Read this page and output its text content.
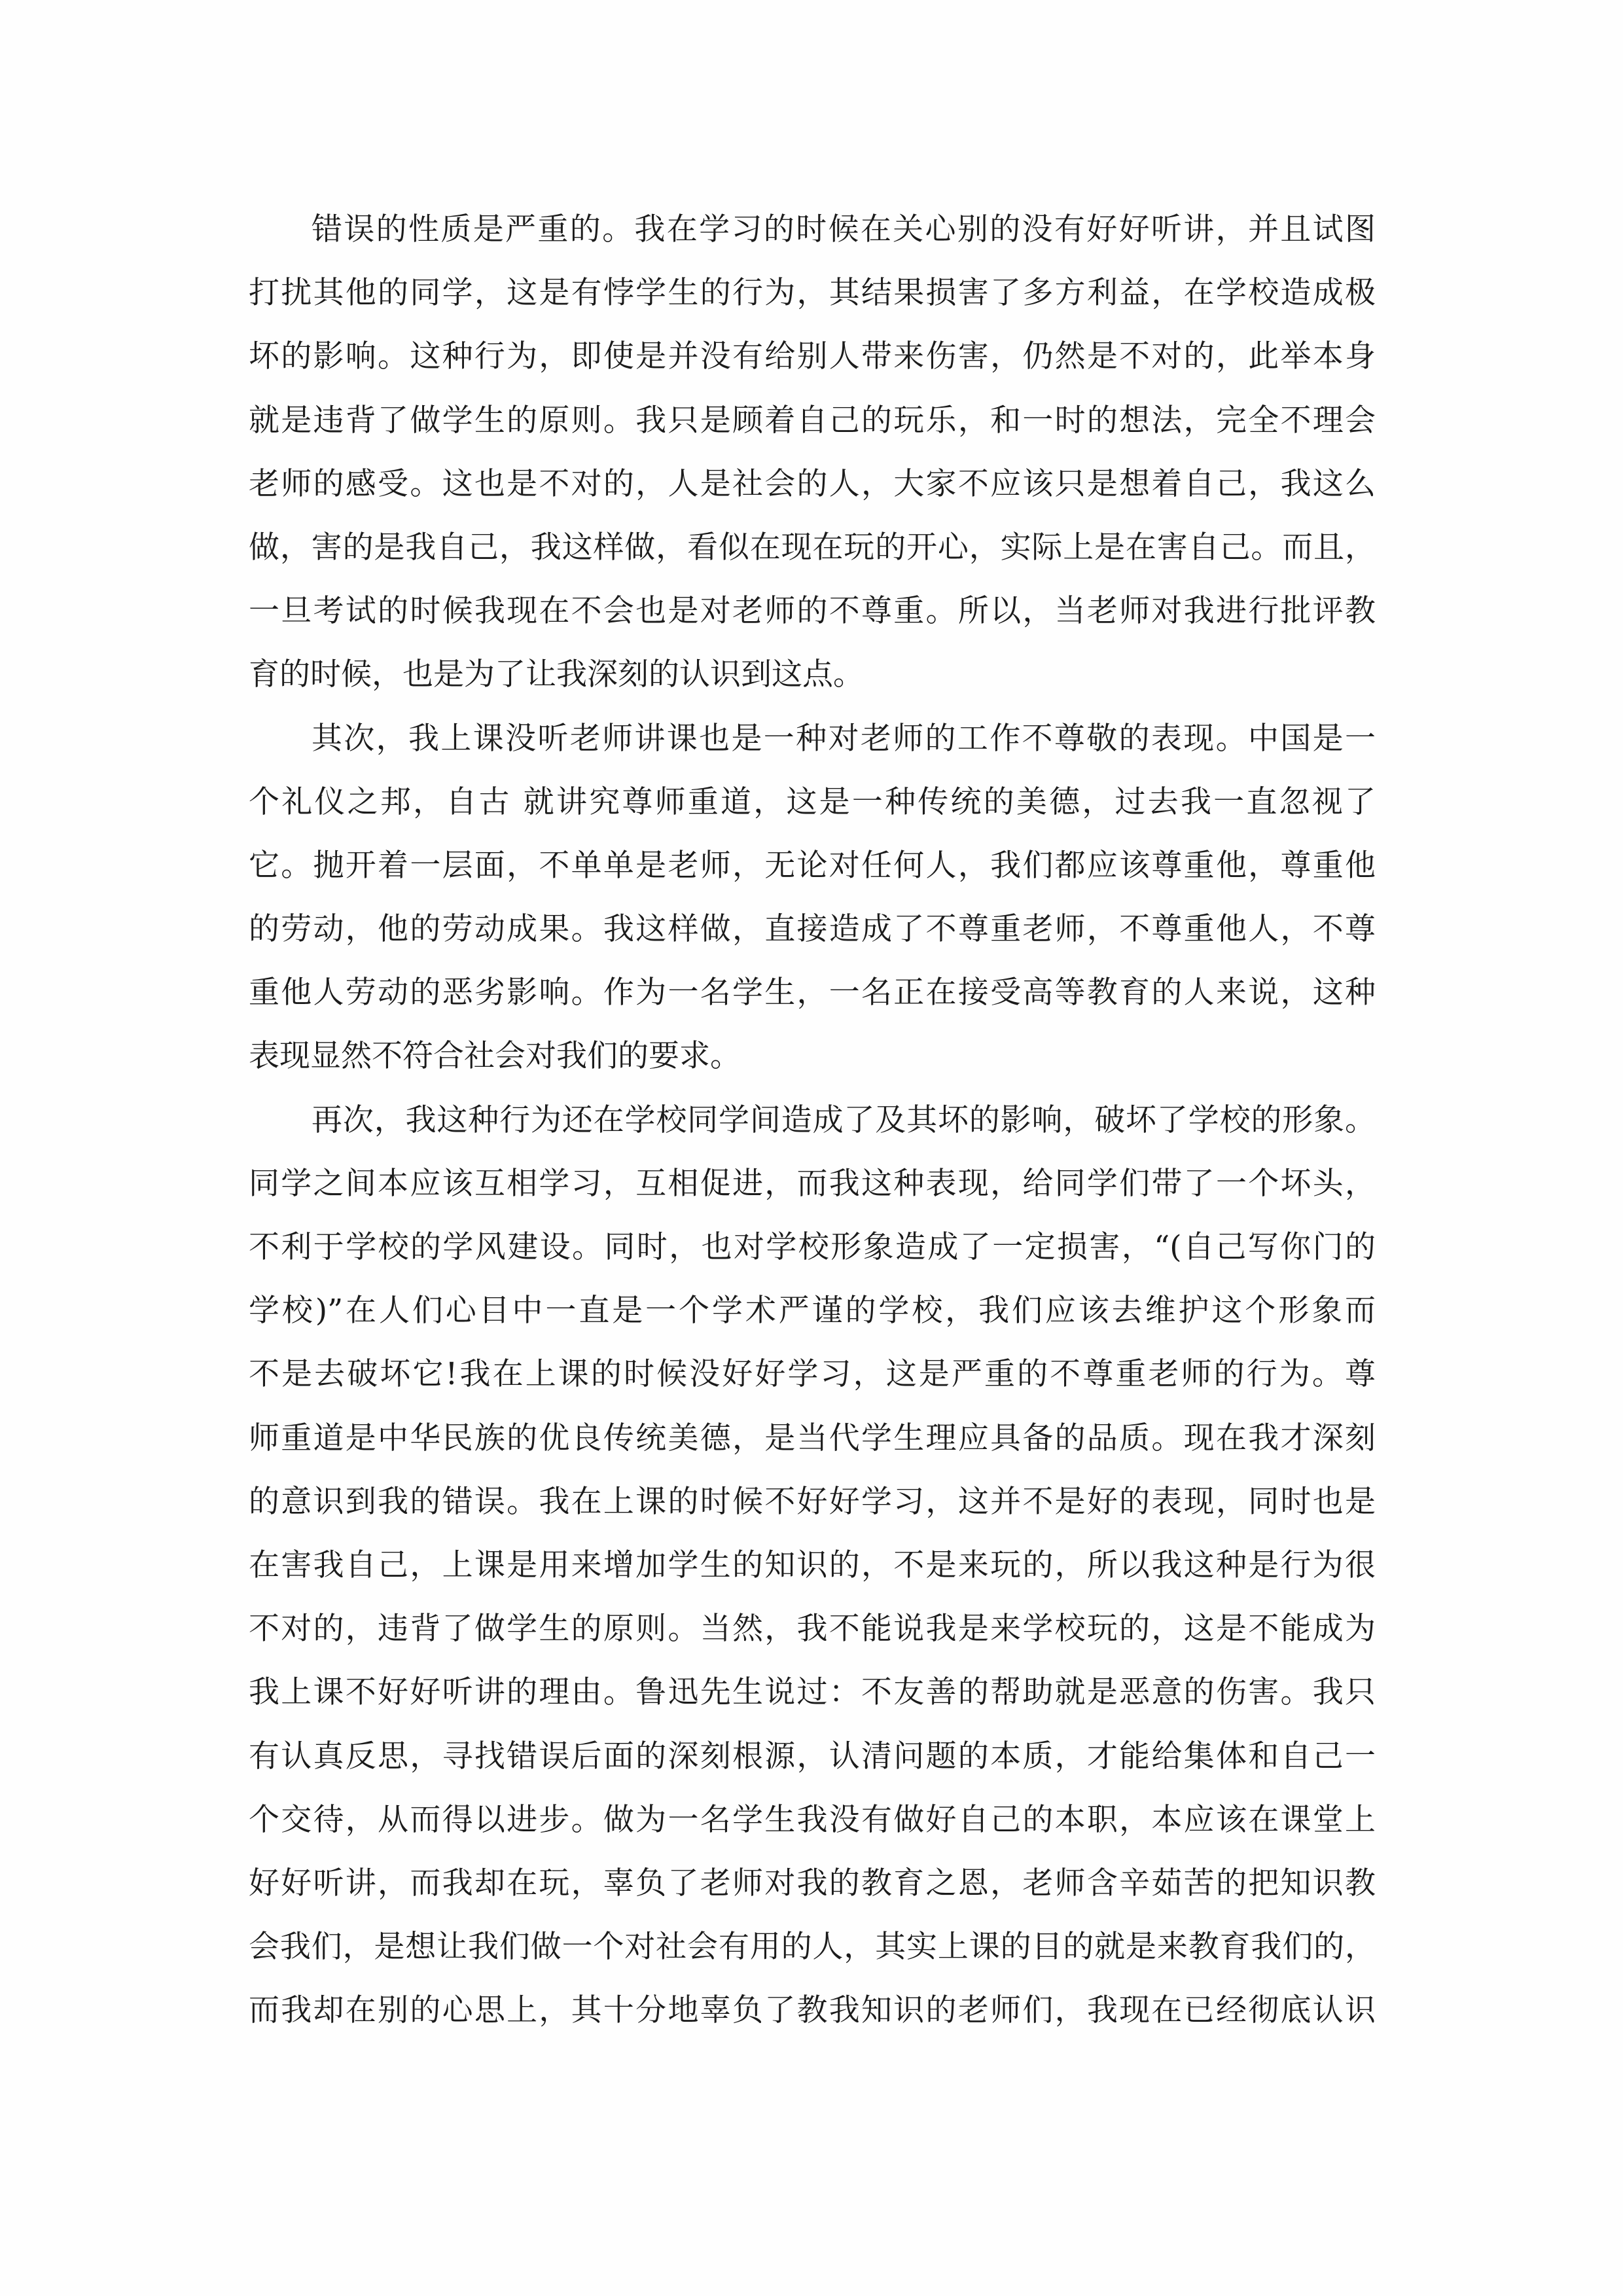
错误的性质是严重的。我在学习的时候在关心别的没有好好听讲，并且试图
打扰其他的同学，这是有悖学生的行为，其结果损害了多方利益，在学校造成极
坏的影响。这种行为，即使是并没有给别人带来伤害，仍然是不对的，此举本身
就是违背了做学生的原则。我只是顾着自己的玩乐，和一时的想法，完全不理会
老师的感受。这也是不对的，人是社会的人，大家不应该只是想着自己，我这么
做，害的是我自己，我这样做，看似在现在玩的开心，实际上是在害自己。而且，
一旦考试的时候我现在不会也是对老师的不尊重。所以，当老师对我进行批评教
育的时候，也是为了让我深刻的认识到这点。
其次，我上课没听老师讲课也是一种对老师的工作不尊敬的表现。中国是一
个礼仪之邦，自古 就讲究尊师重道，这是一种传统的美德，过去我一直忽视了
它。抛开着一层面，不单单是老师，无论对任何人，我们都应该尊重他，尊重他
的劳动，他的劳动成果。我这样做，直接造成了不尊重老师，不尊重他人，不尊
重他人劳动的恶劣影响。作为一名学生，一名正在接受高等教育的人来说，这种
表现显然不符合社会对我们的要求。
再次，我这种行为还在学校同学间造成了及其坏的影响，破坏了学校的形象。
同学之间本应该互相学习，互相促进，而我这种表现，给同学们带了一个坏头，
不利于学校的学风建设。同时，也对学校形象造成了一定损害，“(自己写你门的
学校)”在人们心目中一直是一个学术严谨的学校，我们应该去维护这个形象而
不是去破坏它!我在上课的时候没好好学习，这是严重的不尊重老师的行为。尊
师重道是中华民族的优良传统美德，是当代学生理应具备的品质。现在我才深刻
的意识到我的错误。我在上课的时候不好好学习，这并不是好的表现，同时也是
在害我自己，上课是用来增加学生的知识的，不是来玩的，所以我这种是行为很
不对的，违背了做学生的原则。当然，我不能说我是来学校玩的，这是不能成为
我上课不好好听讲的理由。鲁迅先生说过：不友善的帮助就是恶意的伤害。我只
有认真反思，寻找错误后面的深刻根源，认清问题的本质，才能给集体和自己一
个交待，从而得以进步。做为一名学生我没有做好自己的本职，本应该在课堂上
好好听讲，而我却在玩，辜负了老师对我的教育之恩，老师含辛茹苦的把知识教
会我们，是想让我们做一个对社会有用的人，其实上课的目的就是来教育我们的，
而我却在别的心思上，其十分地辜负了教我知识的老师们，我现在已经彻底认识
